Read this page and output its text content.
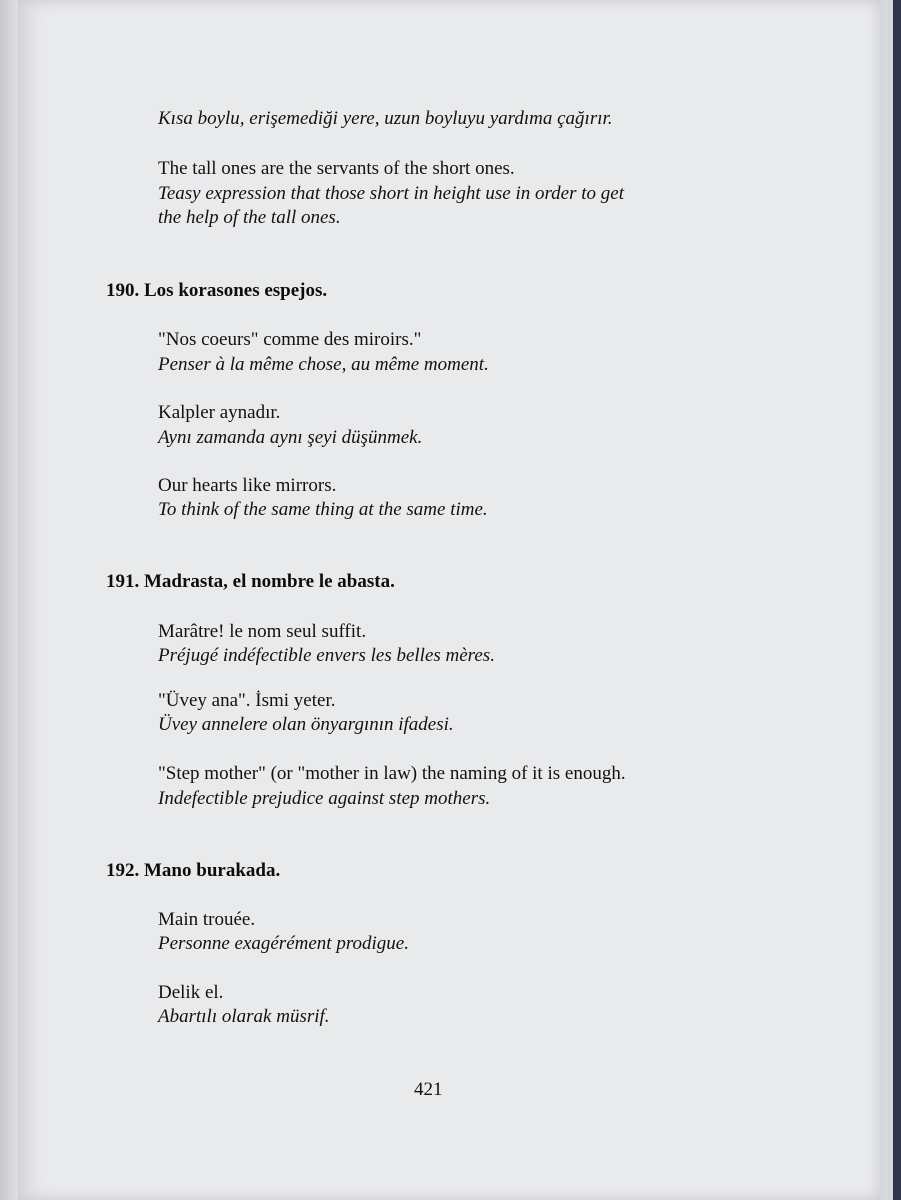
Kısa boylu, erişemediği yere, uzun boyluyu yardıma çağırır.
The tall ones are the servants of the short ones.
Teasy expression that those short in height use in order to get
the help of the tall ones.
190. Los korasones espejos.
"Nos coeurs" comme des miroirs."
Penser à la même chose, au même moment.
Kalpler aynadır.
Aynı zamanda aynı şeyi düşünmek.
Our hearts like mirrors.
To think of the same thing at the same time.
191. Madrasta, el nombre le abasta.
Marâtre! le nom seul suffit.
Préjugé indéfectible envers les belles mères.
"Üvey ana". İsmi yeter.
Üvey annelere olan önyargının ifadesi.
"Step mother" (or "mother in law) the naming of it is enough.
Indefectible prejudice against step mothers.
192. Mano burakada.
Main trouée.
Personne exagérément prodigue.
Delik el.
Abartılı olarak müsrif.
421
